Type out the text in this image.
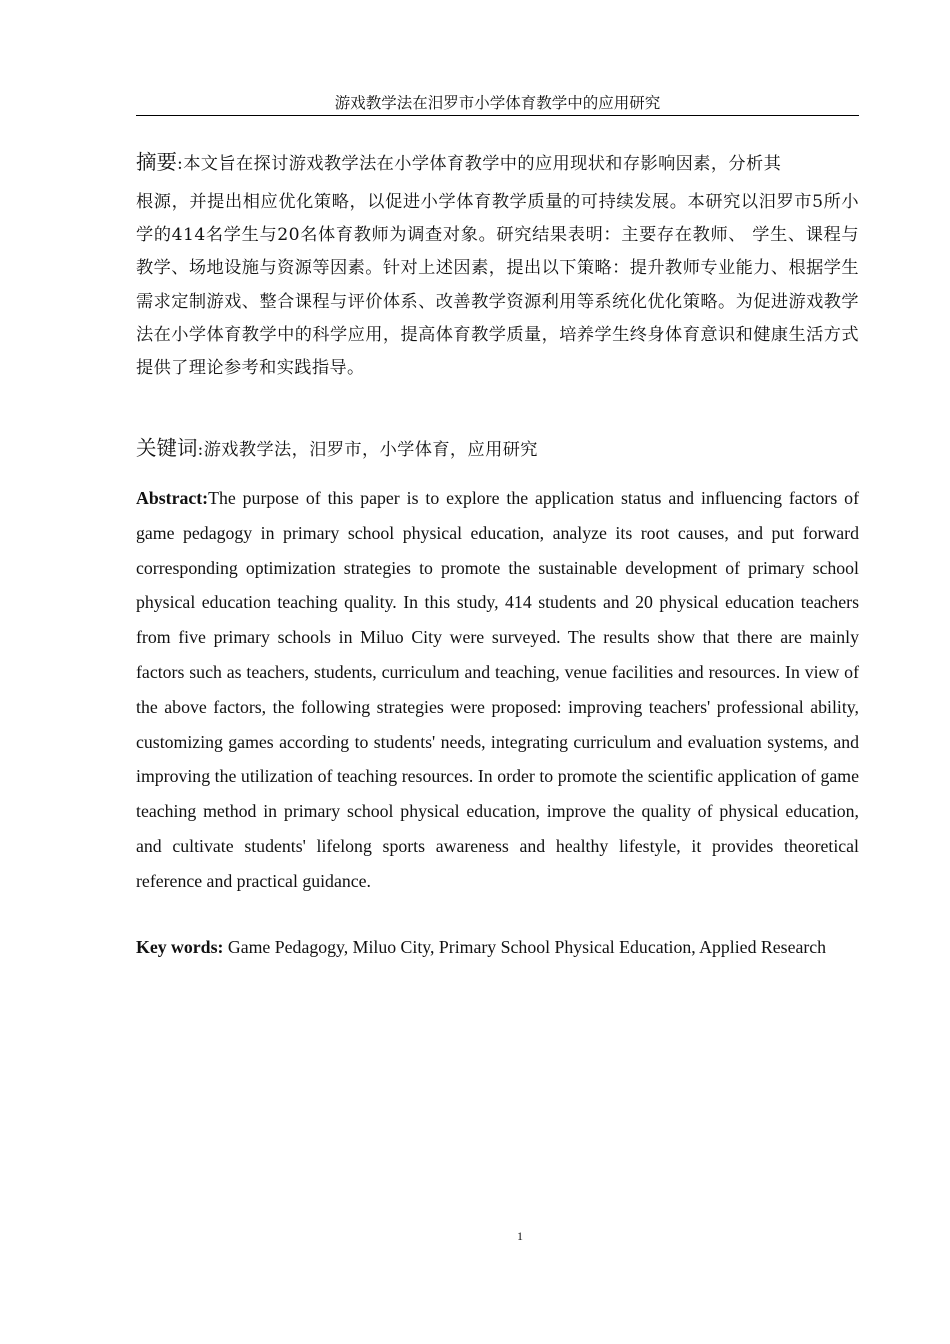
游戏教学法在汨罗市小学体育教学中的应用研究
摘要:本文旨在探讨游戏教学法在小学体育教学中的应用现状和存影响因素，分析其
根源，并提出相应优化策略，以促进小学体育教学质量的可持续发展。本研究以汨罗市5所小学的414名学生与20名体育教师为调查对象。研究结果表明：主要存在教师、 学生、课程与教学、场地设施与资源等因素。针对上述因素，提出以下策略：提升教师专业能力、根据学生需求定制游戏、整合课程与评价体系、改善教学资源利用等系统化优化策略。为促进游戏教学法在小学体育教学中的科学应用，提高体育教学质量，培养学生终身体育意识和健康生活方式提供了理论参考和实践指导。
关键词:游戏教学法，汨罗市，小学体育，应用研究
Abstract:The purpose of this paper is to explore the application status and influencing factors of game pedagogy in primary school physical education, analyze its root causes, and put forward corresponding optimization strategies to promote the sustainable development of primary school physical education teaching quality. In this study, 414 students and 20 physical education teachers from five primary schools in Miluo City were surveyed. The results show that there are mainly factors such as teachers, students, curriculum and teaching, venue facilities and resources. In view of the above factors, the following strategies were proposed: improving teachers' professional ability, customizing games according to students' needs, integrating curriculum and evaluation systems, and improving the utilization of teaching resources. In order to promote the scientific application of game teaching method in primary school physical education, improve the quality of physical education, and cultivate students' lifelong sports awareness and healthy lifestyle, it provides theoretical reference and practical guidance.
Key words: Game Pedagogy, Miluo City, Primary School Physical Education, Applied Research
1
